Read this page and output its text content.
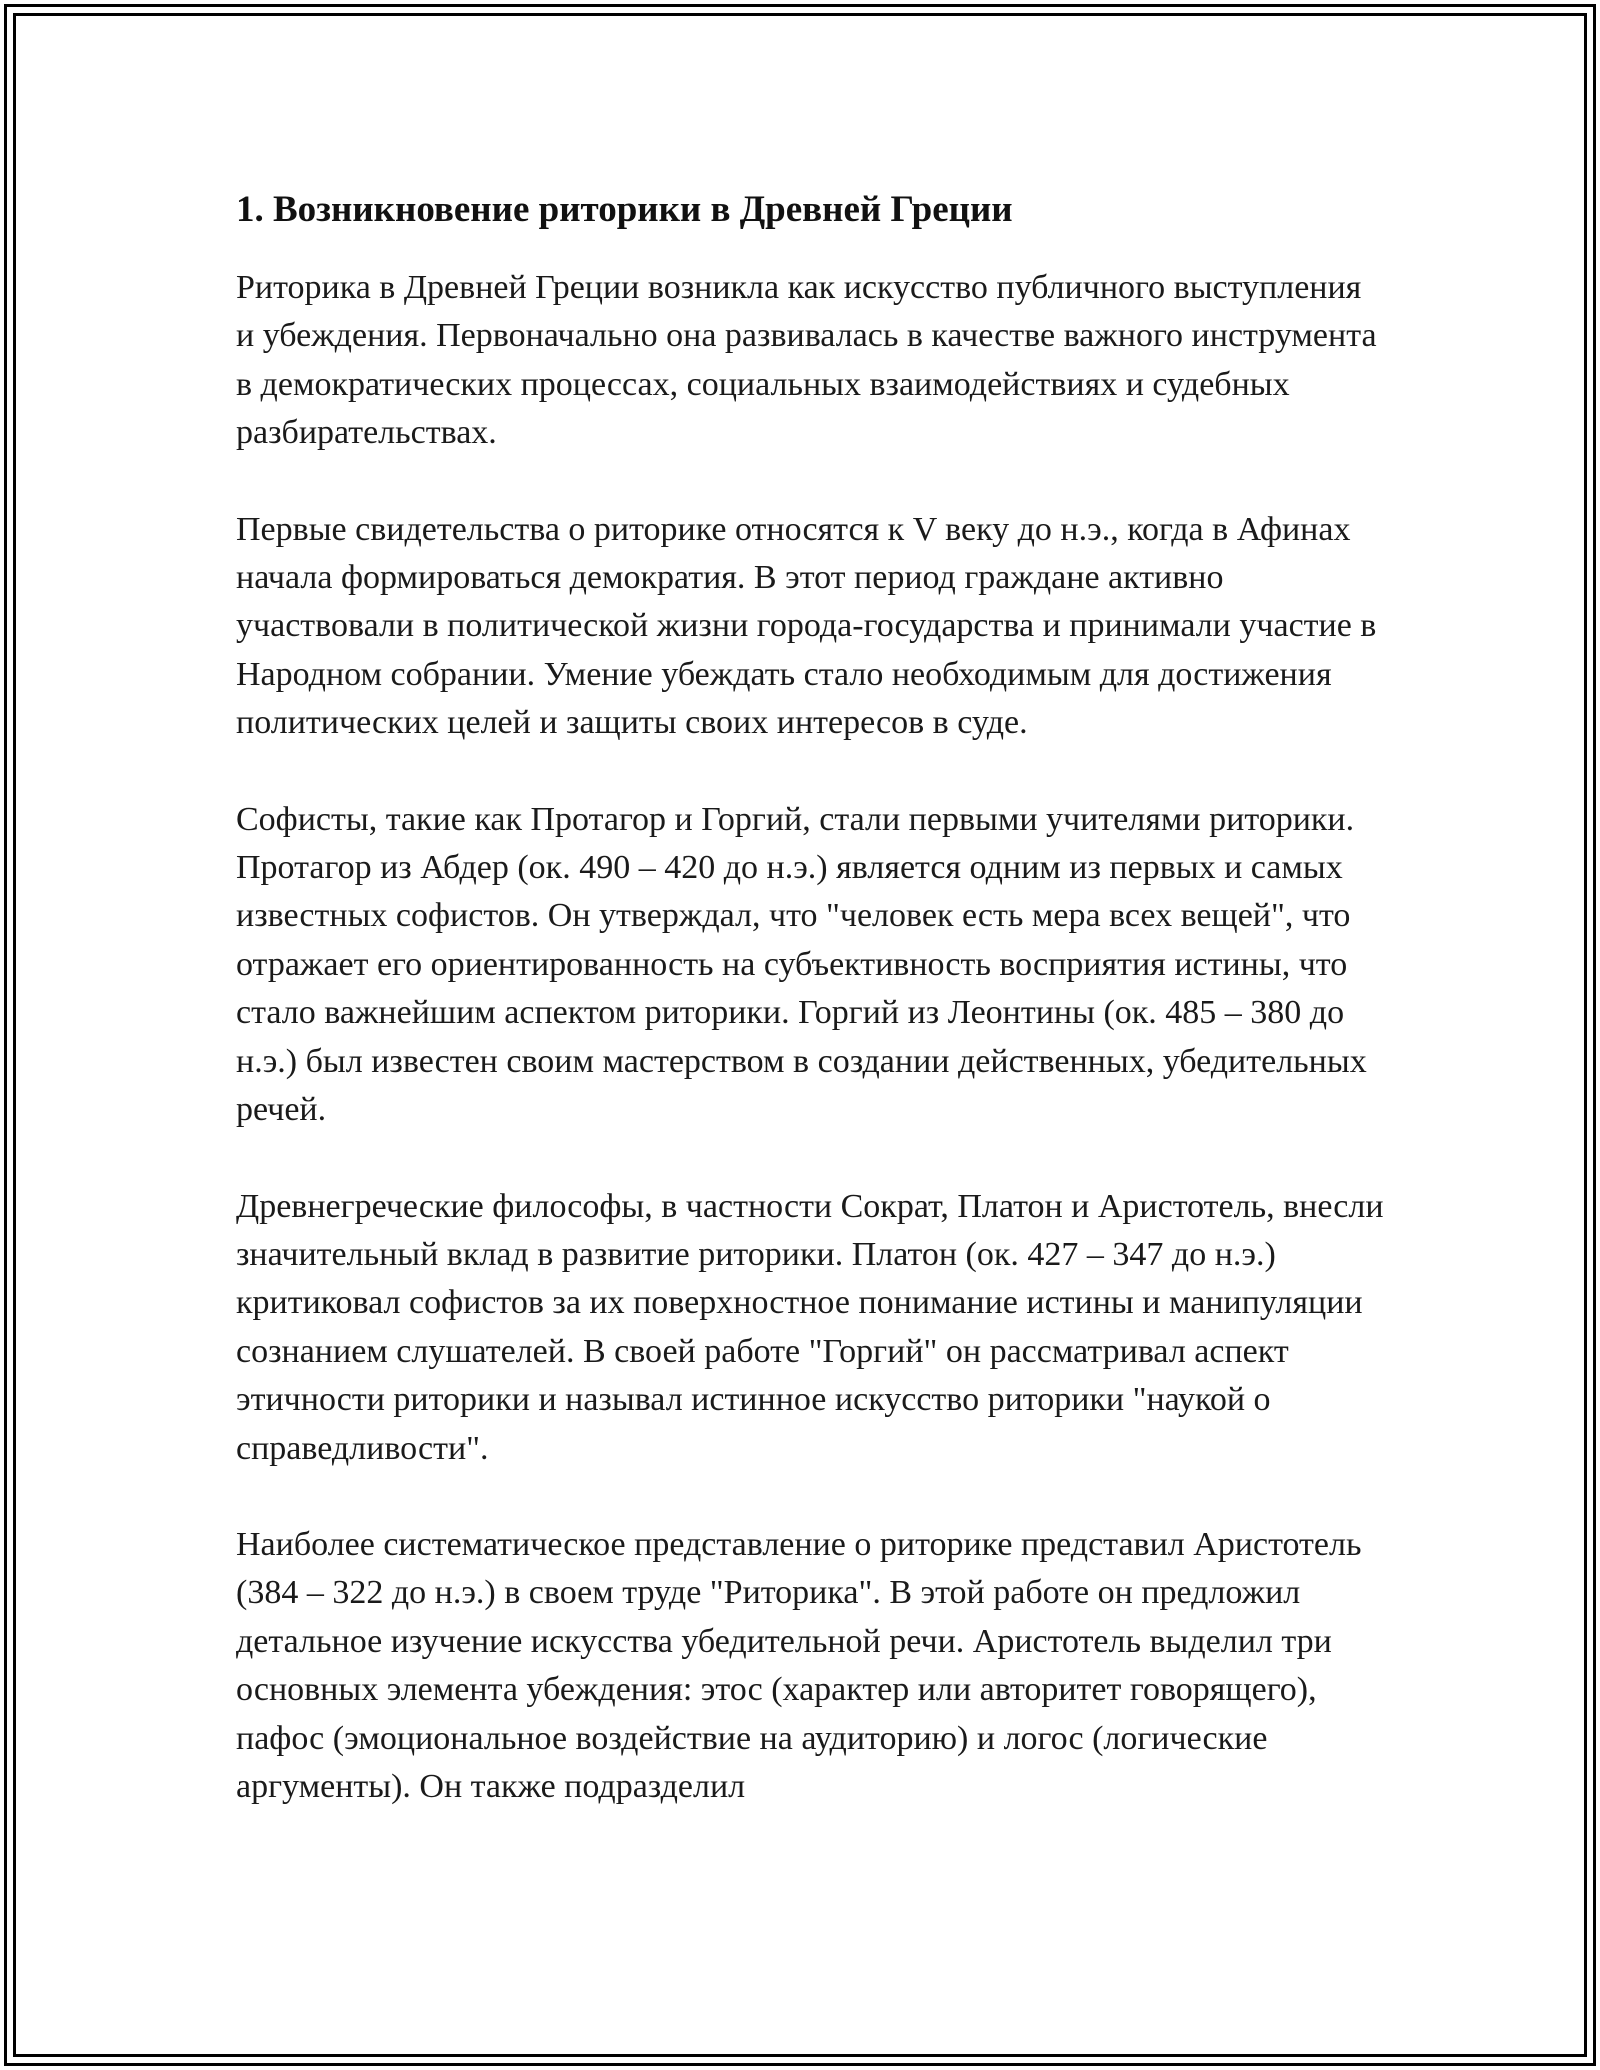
1. Возникновение риторики в Древней Греции

Риторика в Древней Греции возникла как искусство публичного выступления и убеждения. Первоначально она развивалась в качестве важного инструмента в демократических процессах, социальных взаимодействиях и судебных разбирательствах.

Первые свидетельства о риторике относятся к V веку до н.э., когда в Афинах начала формироваться демократия. В этот период граждане активно участвовали в политической жизни города-государства и принимали участие в Народном собрании. Умение убеждать стало необходимым для достижения политических целей и защиты своих интересов в суде.

Софисты, такие как Протагор и Горгий, стали первыми учителями риторики. Протагор из Абдер (ок. 490 – 420 до н.э.) является одним из первых и самых известных софистов. Он утверждал, что "человек есть мера всех вещей", что отражает его ориентированность на субъективность восприятия истины, что стало важнейшим аспектом риторики. Горгий из Леонтины (ок. 485 – 380 до н.э.) был известен своим мастерством в создании действенных, убедительных речей.

Древнегреческие философы, в частности Сократ, Платон и Аристотель, внесли значительный вклад в развитие риторики. Платон (ок. 427 – 347 до н.э.) критиковал софистов за их поверхностное понимание истины и манипуляции сознанием слушателей. В своей работе "Горгий" он рассматривал аспект этичности риторики и называл истинное искусство риторики "наукой о справедливости".

Наиболее систематическое представление о риторике представил Аристотель (384 – 322 до н.э.) в своем труде "Риторика". В этой работе он предложил детальное изучение искусства убедительной речи. Аристотель выделил три основных элемента убеждения: этос (характер или авторитет говорящего), пафос (эмоциональное воздействие на аудиторию) и логос (логические аргументы). Он также подразделил
